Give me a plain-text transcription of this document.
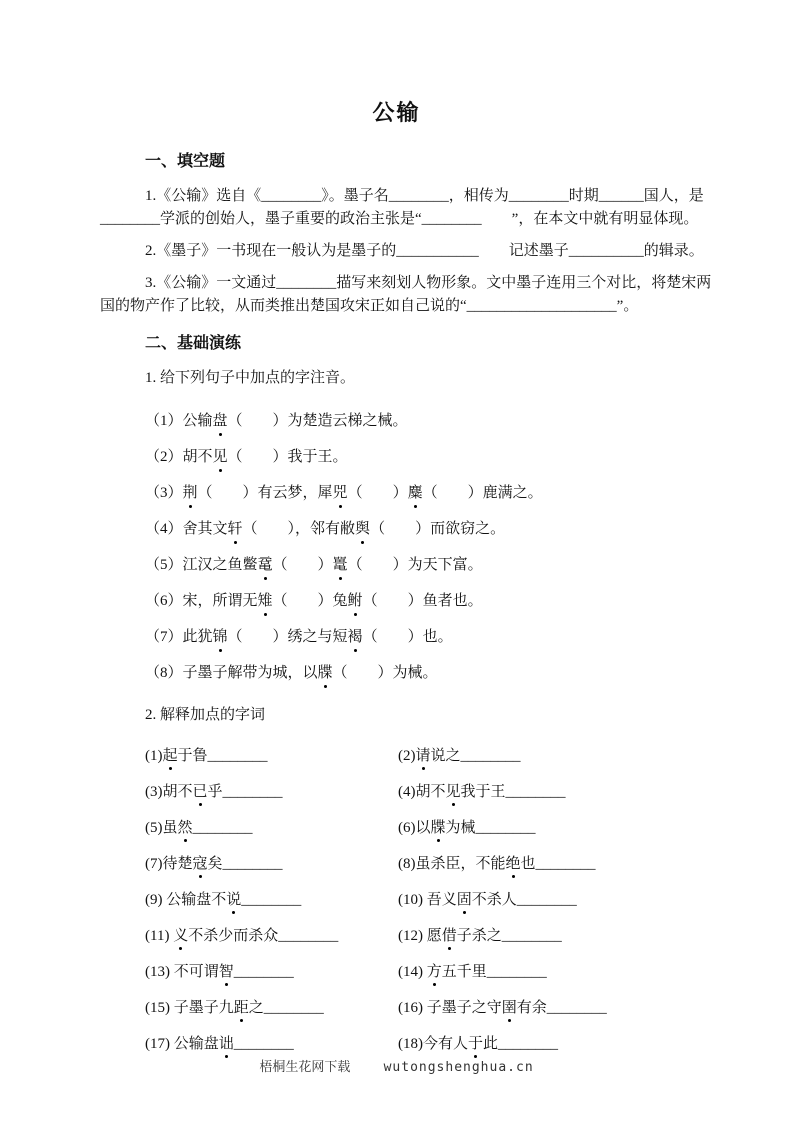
公输
一、填空题

1.《公输》选自《________》。墨子名________，相传为________时期______国人，是

________学派的创始人，墨子重要的政治主张是“________　　”，在本文中就有明显体现。

2.《墨子》一书现在一般认为是墨子的___________　　记述墨子__________的辑录。

3.《公输》一文通过________描写来刻划人物形象。文中墨子连用三个对比，将楚宋两

国的物产作了比较，从而类推出楚国攻宋正如自己说的“____________________”。

二、基础演练

1. 给下列句子中加点的字注音。

（1）公输盘（　　）为楚造云梯之械。

（2）胡不见（　　）我于王。

（3）荆（　　）有云梦，犀兕（　　）麋（　　）鹿满之。

（4）舍其文轩（　　），邻有敝舆（　　）而欲窃之。

（5）江汉之鱼鳖鼋（　　）鼍（　　）为天下富。

（6）宋，所谓无雉（　　）兔鲋（　　）鱼者也。

（7）此犹锦（　　）绣之与短褐（　　）也。

（8）子墨子解带为城，以牒（　　）为械。

2. 解释加点的字词

(1)起于鲁________	(2)请说之________

(3)胡不已乎________	(4)胡不见我于王________

(5)虽然________	(6)以牒为械________

(7)待楚寇矣________	(8)虽杀臣，不能绝也________

(9) 公输盘不说________	(10) 吾义固不杀人________

(11) 义不杀少而杀众________	(12) 愿借子杀之________

(13) 不可谓智________	(14) 方五千里________

(15) 子墨子九距之________	(16) 子墨子之守圉有余________

(17) 公输盘诎________	(18)今有人于此________

梧桐生花网下载	wutongshenghua.cn
